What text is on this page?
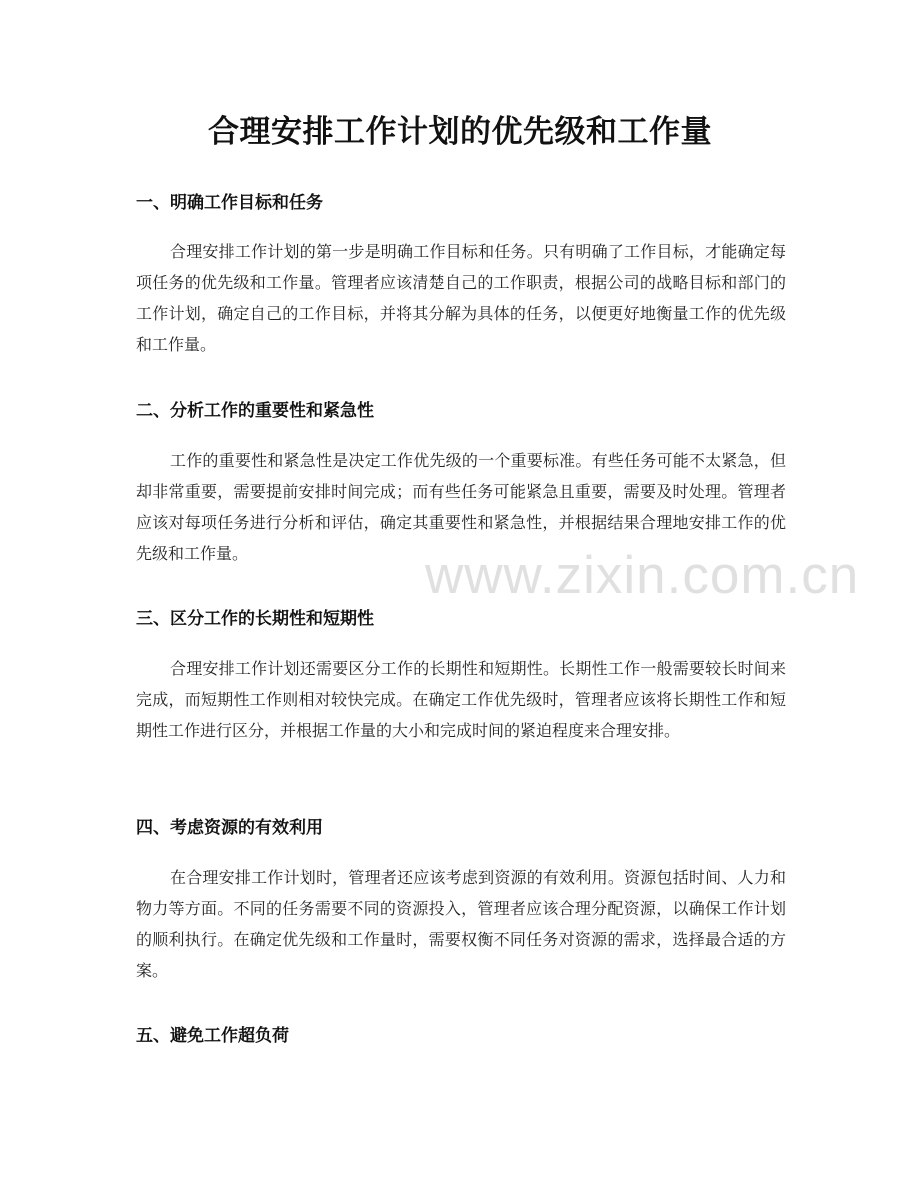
合理安排工作计划的优先级和工作量
一、明确工作目标和任务

合理安排工作计划的第一步是明确工作目标和任务。只有明确了工作目标，才能确定每项任务的优先级和工作量。管理者应该清楚自己的工作职责，根据公司的战略目标和部门的工作计划，确定自己的工作目标，并将其分解为具体的任务，以便更好地衡量工作的优先级和工作量。

二、分析工作的重要性和紧急性

工作的重要性和紧急性是决定工作优先级的一个重要标准。有些任务可能不太紧急，但却非常重要，需要提前安排时间完成；而有些任务可能紧急且重要，需要及时处理。管理者应该对每项任务进行分析和评估，确定其重要性和紧急性，并根据结果合理地安排工作的优先级和工作量。

三、区分工作的长期性和短期性

合理安排工作计划还需要区分工作的长期性和短期性。长期性工作一般需要较长时间来完成，而短期性工作则相对较快完成。在确定工作优先级时，管理者应该将长期性工作和短期性工作进行区分，并根据工作量的大小和完成时间的紧迫程度来合理安排。

四、考虑资源的有效利用

在合理安排工作计划时，管理者还应该考虑到资源的有效利用。资源包括时间、人力和物力等方面。不同的任务需要不同的资源投入，管理者应该合理分配资源，以确保工作计划的顺利执行。在确定优先级和工作量时，需要权衡不同任务对资源的需求，选择最合适的方案。

五、避免工作超负荷
www.zixin.com.cn
